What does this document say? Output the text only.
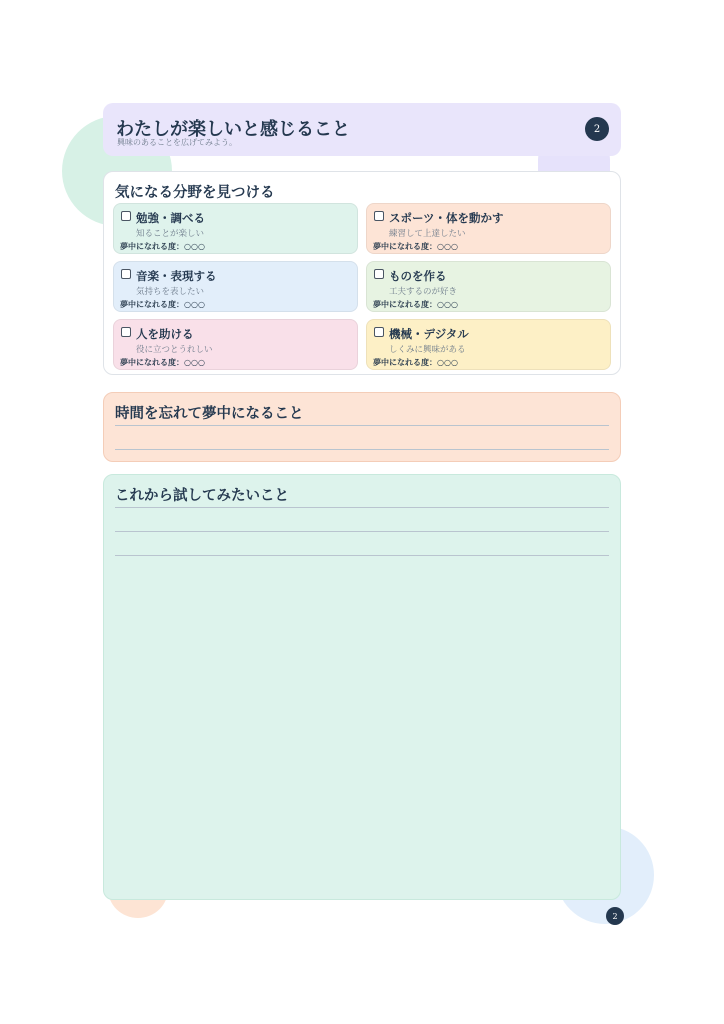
わたしが楽しいと感じること
興味のあることを広げてみよう。
2
気になる分野を見つける
勉強・調べる
知ることが楽しい
夢中になれる度：○○○
スポーツ・体を動かす
練習して上達したい
夢中になれる度：○○○
音楽・表現する
気持ちを表したい
夢中になれる度：○○○
ものを作る
工夫するのが好き
夢中になれる度：○○○
人を助ける
役に立つとうれしい
夢中になれる度：○○○
機械・デジタル
しくみに興味がある
夢中になれる度：○○○
時間を忘れて夢中になること
これから試してみたいこと
2
